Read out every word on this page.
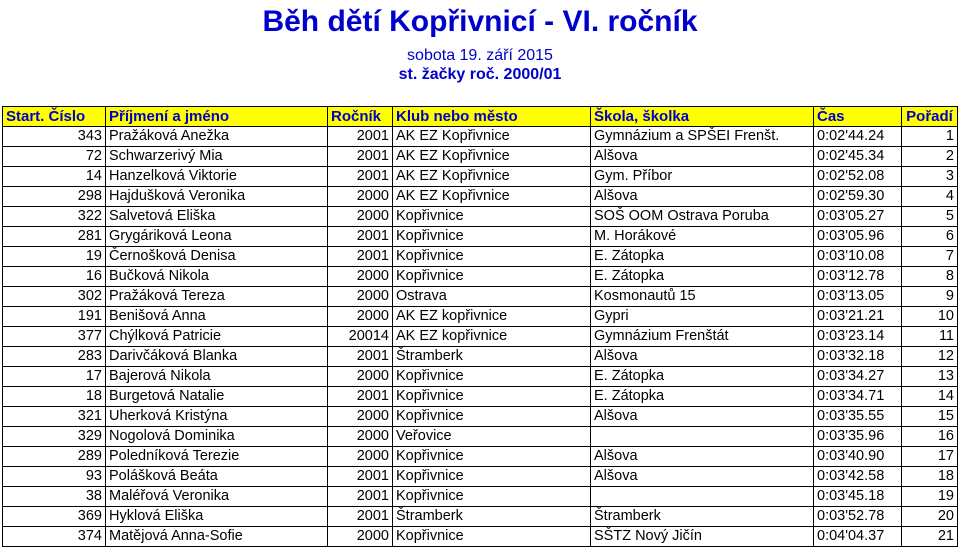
Běh dětí Kopřivnicí - VI. ročník
sobota 19. září 2015
st. žačky roč. 2000/01
Start. Číslo	Příjmení a jméno	Ročník	Klub nebo město	Škola, školka	Čas	Pořadí
343	Pražáková Anežka	2001	AK EZ Kopřivnice	Gymnázium a SPŠEI Frenšt.	0:02'44.24	1
72	Schwarzerivý Mia	2001	AK EZ Kopřivnice	Alšova	0:02'45.34	2
14	Hanzelková Viktorie	2001	AK EZ Kopřivnice	Gym. Příbor	0:02'52.08	3
298	Hajdušková Veronika	2000	AK EZ Kopřivnice	Alšova	0:02'59.30	4
322	Salvetová Eliška	2000	Kopřivnice	SOŠ OOM Ostrava Poruba	0:03'05.27	5
281	Grygáriková Leona	2001	Kopřivnice	M. Horákové	0:03'05.96	6
19	Černošková Denisa	2001	Kopřivnice	E. Zátopka	0:03'10.08	7
16	Bučková Nikola	2000	Kopřivnice	E. Zátopka	0:03'12.78	8
302	Pražáková Tereza	2000	Ostrava	Kosmonautů 15	0:03'13.05	9
191	Benišová Anna	2000	AK EZ kopřivnice	Gypri	0:03'21.21	10
377	Chýlková Patricie	20014	AK EZ kopřivnice	Gymnázium Frenštát	0:03'23.14	11
283	Darivčáková Blanka	2001	Štramberk	Alšova	0:03'32.18	12
17	Bajerová Nikola	2000	Kopřivnice	E. Zátopka	0:03'34.27	13
18	Burgetová Natalie	2001	Kopřivnice	E. Zátopka	0:03'34.71	14
321	Uherková Kristýna	2000	Kopřivnice	Alšova	0:03'35.55	15
329	Nogolová Dominika	2000	Veřovice		0:03'35.96	16
289	Poledníková Terezie	2000	Kopřivnice	Alšova	0:03'40.90	17
93	Polášková Beáta	2001	Kopřivnice	Alšova	0:03'42.58	18
38	Maléřová Veronika	2001	Kopřivnice		0:03'45.18	19
369	Hyklová Eliška	2001	Štramberk	Štramberk	0:03'52.78	20
374	Matějová Anna-Sofie	2000	Kopřivnice	SŠTZ Nový Jičín	0:04'04.37	21
